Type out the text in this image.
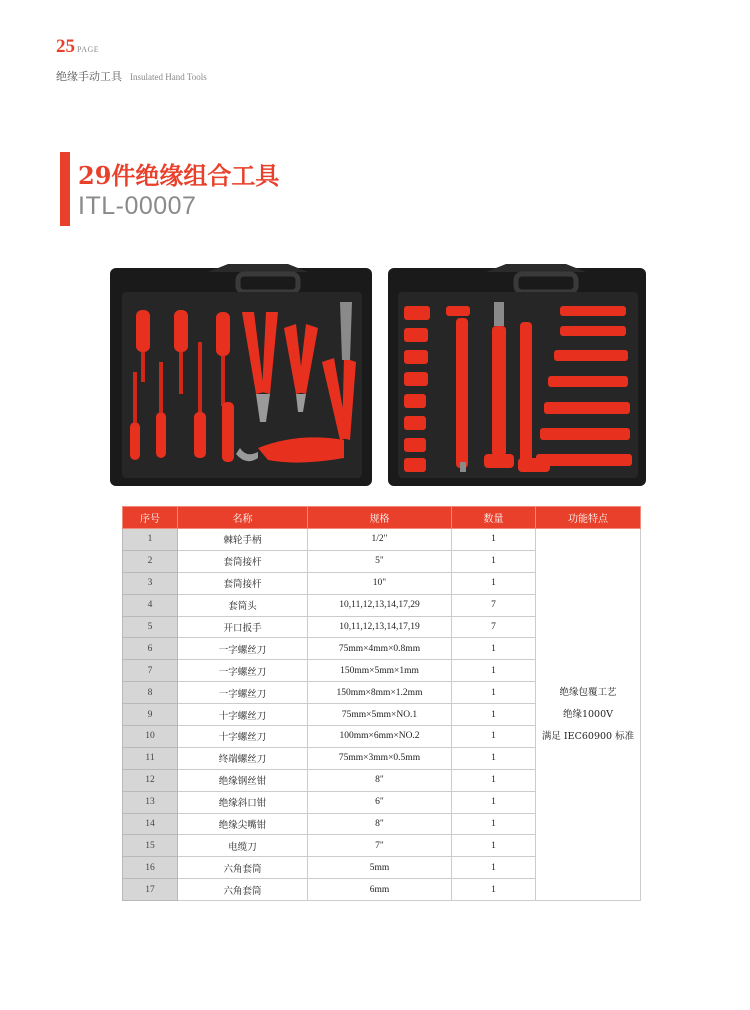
25 PAGE
绝缘手动工具 Insulated Hand Tools
29件绝缘组合工具
ITL-00007
序号	名称	规格	数量	功能特点
1	棘轮手柄	1/2"	1	绝缘包覆工艺
绝缘1000V
满足 IEC60900 标准

2	套筒接杆	5"	1	
3	套筒接杆	10"	1	
4	套筒头	10,11,12,13,14,17,29	7	
5	开口扳手	10,11,12,13,14,17,19	7	
6	一字螺丝刀	75mm×4mm×0.8mm	1	
7	一字螺丝刀	150mm×5mm×1mm	1	
8	一字螺丝刀	150mm×8mm×1.2mm	1	
9	十字螺丝刀	75mm×5mm×NO.1	1	
10	十字螺丝刀	100mm×6mm×NO.2	1	
11	终端螺丝刀	75mm×3mm×0.5mm	1	
12	绝缘钢丝钳	8"	1	
13	绝缘斜口钳	6"	1	
14	绝缘尖嘴钳	8"	1	
15	电缆刀	7"	1	
16	六角套筒	5mm	1	
17	六角套筒	6mm	1	
